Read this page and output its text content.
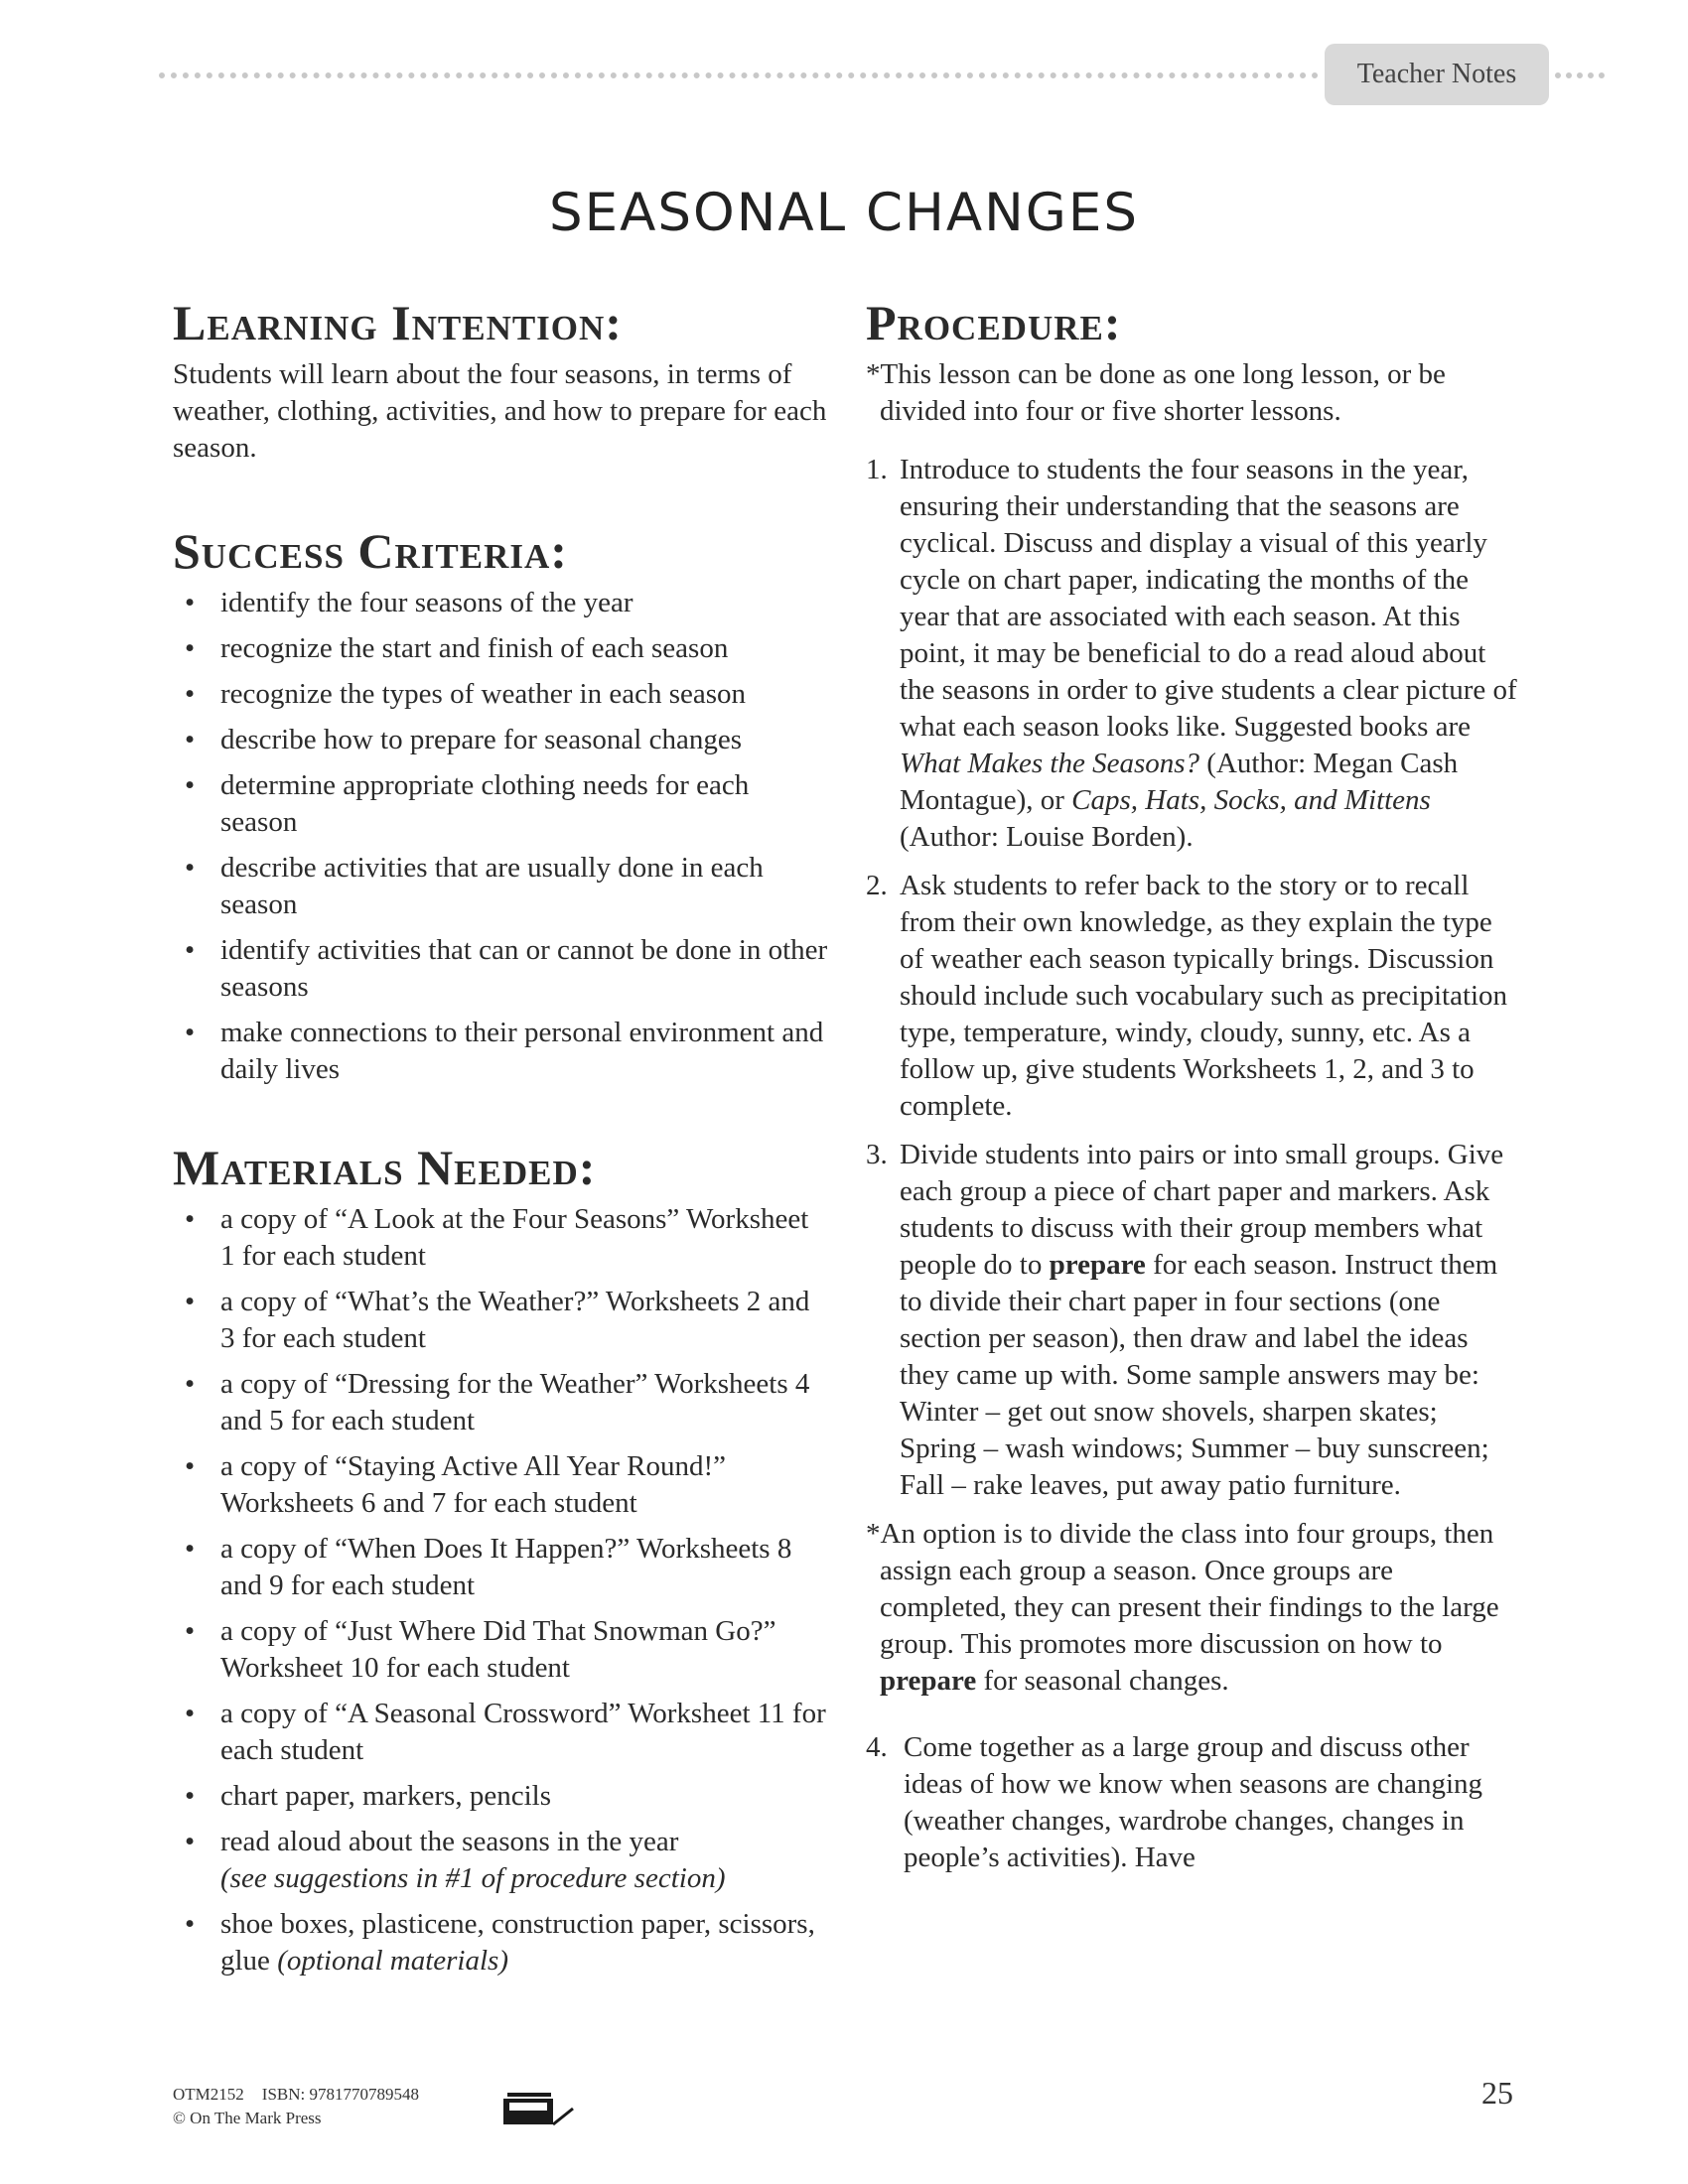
Teacher Notes
SEASONAL CHANGES
Learning Intention:

Students will learn about the four seasons, in terms of weather, clothing, activities, and how to prepare for each season.

Success Criteria:
• identify the four seasons of the year
• recognize the start and finish of each season
• recognize the types of weather in each season
• describe how to prepare for seasonal changes
• determine appropriate clothing needs for each season
• describe activities that are usually done in each season
• identify activities that can or cannot be done in other seasons
• make connections to their personal environment and daily lives
Materials Needed:
• a copy of “A Look at the Four Seasons” Worksheet 1 for each student
• a copy of “What’s the Weather?” Worksheets 2 and 3 for each student
• a copy of “Dressing for the Weather” Worksheets 4 and 5 for each student
• a copy of “Staying Active All Year Round!” Worksheets 6 and 7 for each student
• a copy of “When Does It Happen?” Worksheets 8 and 9 for each student
• a copy of “Just Where Did That Snowman Go?” Worksheet 10 for each student
• a copy of “A Seasonal Crossword” Worksheet 11 for each student
• chart paper, markers, pencils
• read aloud about the seasons in the year
(see suggestions in #1 of procedure section)
• shoe boxes, plasticene, construction paper, scissors, glue (optional materials)
Procedure:

*This lesson can be done as one long lesson, or be divided into four or five shorter lessons.

1. Introduce to students the four seasons in the year, ensuring their understanding that the seasons are cyclical. Discuss and display a visual of this yearly cycle on chart paper, indicating the months of the year that are associated with each season. At this point, it may be beneficial to do a read aloud about the seasons in order to give students a clear picture of what each season looks like. Suggested books are What Makes the Seasons? (Author: Megan Cash Montague), or Caps, Hats, Socks, and Mittens (Author: Louise Borden).
2. Ask students to refer back to the story or to recall from their own knowledge, as they explain the type of weather each season typically brings. Discussion should include such vocabulary such as precipitation type, temperature, windy, cloudy, sunny, etc. As a follow up, give students Worksheets 1, 2, and 3 to complete.
3. Divide students into pairs or into small groups. Give each group a piece of chart paper and markers. Ask students to discuss with their group members what people do to prepare for each season. Instruct them to divide their chart paper in four sections (one section per season), then draw and label the ideas they came up with. Some sample answers may be: Winter – get out snow shovels, sharpen skates; Spring – wash windows; Summer – buy sunscreen; Fall – rake leaves, put away patio furniture.

*An option is to divide the class into four groups, then assign each group a season. Once groups are completed, they can present their findings to the large group. This promotes more discussion on how to prepare for seasonal changes.

4. Come together as a large group and discuss other ideas of how we know when seasons are changing (weather changes, wardrobe changes, changes in people’s activities). Have
OTM2152 ISBN: 9781770789548
© On The Mark Press
25
